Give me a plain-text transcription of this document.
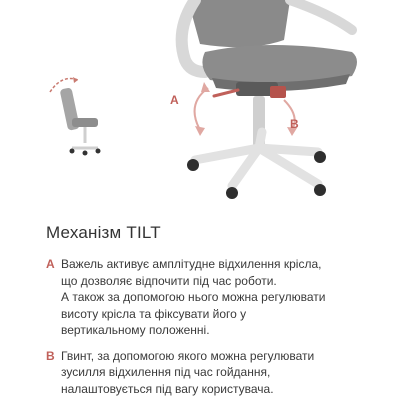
A
B
Механізм TILT
A Важель активує амплітудне відхилення крісла,
що дозволяє відпочити під час роботи.
А також за допомогою нього можна регулювати
висоту крісла та фіксувати його у
вертикальному положенні.
B Гвинт, за допомогою якого можна регулювати
зусилля відхилення під час гойдання,
налаштовується під вагу користувача.
